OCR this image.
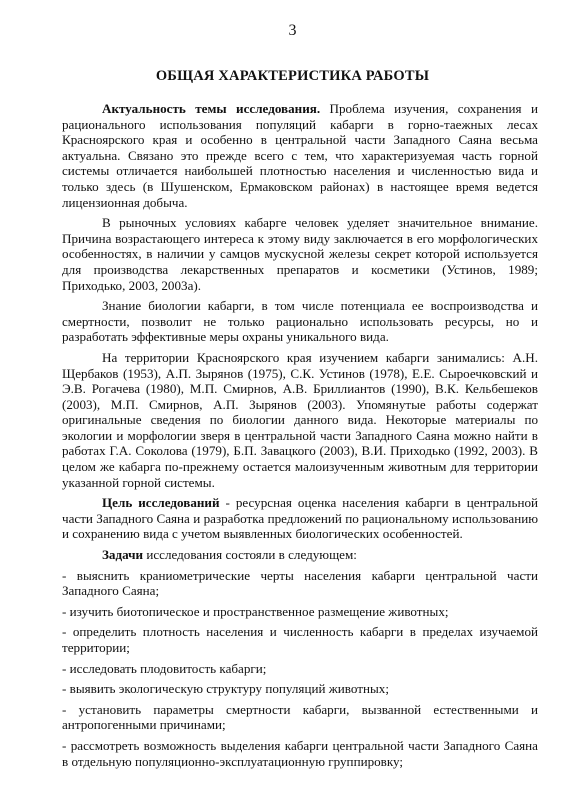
3
ОБЩАЯ ХАРАКТЕРИСТИКА РАБОТЫ

Актуальность темы исследования. Проблема изучения, сохранения и рационального использования популяций кабарги в горно-таежных лесах Красноярского края и особенно в центральной части Западного Саяна весьма актуальна. Связано это прежде всего с тем, что характеризуемая часть горной системы отличается наибольшей плотностью населения и численностью вида и только здесь (в Шушенском, Ермаковском районах) в настоящее время ведется лицензионная добыча.

В рыночных условиях кабарге человек уделяет значительное внимание. Причина возрастающего интереса к этому виду заключается в его морфологических особенностях, в наличии у самцов мускусной железы секрет которой используется для производства лекарственных препаратов и косметики (Устинов, 1989; Приходько, 2003, 2003а).

Знание биологии кабарги, в том числе потенциала ее воспроизводства и смертности, позволит не только рационально использовать ресурсы, но и разработать эффективные меры охраны уникального вида.

На территории Красноярского края изучением кабарги занимались: А.Н. Щербаков (1953), А.П. Зырянов (1975), С.К. Устинов (1978), Е.Е. Сыроечковский и Э.В. Рогачева (1980), М.П. Смирнов, А.В. Бриллиантов (1990), В.К. Кельбешеков (2003), М.П. Смирнов, А.П. Зырянов (2003). Упомянутые работы содержат оригинальные сведения по биологии данного вида. Некоторые материалы по экологии и морфологии зверя в центральной части Западного Саяна можно найти в работах Г.А. Соколова (1979), Б.П. Завацкого (2003), В.И. Приходько (1992, 2003). В целом же кабарга по-прежнему остается малоизученным животным для территории указанной горной системы.

Цель исследований - ресурсная оценка населения кабарги в центральной части Западного Саяна и разработка предложений по рациональному использованию и сохранению вида с учетом выявленных биологических особенностей.

Задачи исследования состояли в следующем:

- выяснить краниометрические черты населения кабарги центральной части Западного Саяна;

- изучить биотопическое и пространственное размещение животных;

- определить плотность населения и численность кабарги в пределах изучаемой территории;

- исследовать плодовитость кабарги;

- выявить экологическую структуру популяций животных;

- установить параметры смертности кабарги, вызванной естественными и антропогенными причинами;

- рассмотреть возможность выделения кабарги центральной части Западного Саяна в отдельную популяционно-эксплуатационную группировку;
